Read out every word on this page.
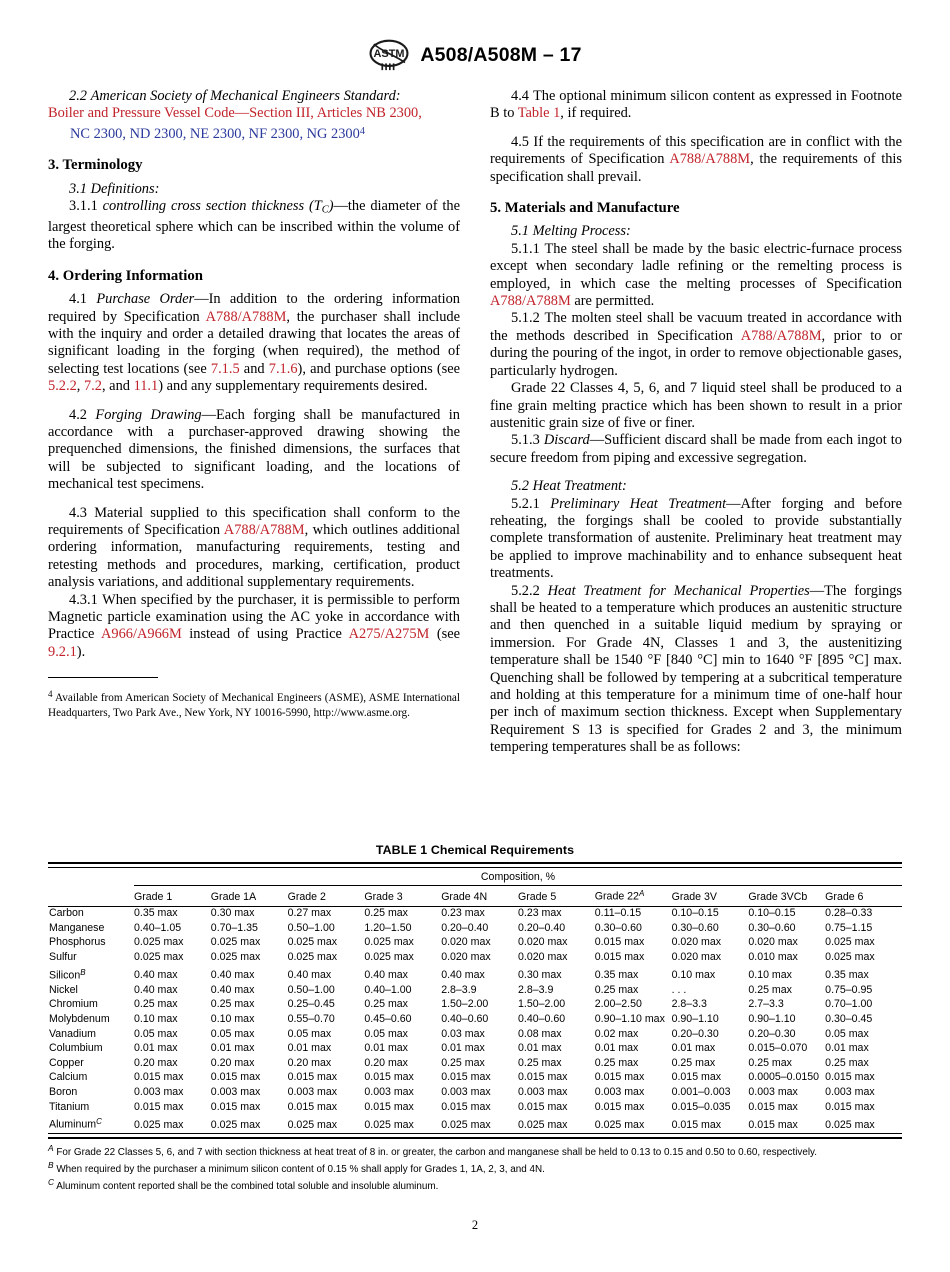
ASTM A508/A508M – 17
2.2 American Society of Mechanical Engineers Standard:
Boiler and Pressure Vessel Code—Section III, Articles NB 2300,
NC 2300, ND 2300, NE 2300, NF 2300, NG 2300$^4$

3. Terminology

3.1 Definitions:

3.1.1 controlling cross section thickness $(T_C)—the$ diameter of the largest theoretical sphere which can be inscribed within the volume of the forging.

4. Ordering Information

4.1 Purchase Order—In addition to the ordering information required by Specification A788/A788M, the purchaser shall include with the inquiry and order a detailed drawing that locates the areas of significant loading in the forging (when required), the method of selecting test locations (see 7.1.5 and 7.1.6), and purchase options (see 5.2.2, 7.2, and 11.1) and any supplementary requirements desired.

4.2 Forging Drawing—Each forging shall be manufactured in accordance with a purchaser-approved drawing showing the prequenched dimensions, the finished dimensions, the surfaces that will be subjected to significant loading, and the locations of mechanical test specimens.

4.3 Material supplied to this specification shall conform to the requirements of Specification A788/A788M, which outlines additional ordering information, manufacturing requirements, testing and retesting methods and procedures, marking, certification, product analysis variations, and additional supplementary requirements.

4.3.1 When specified by the purchaser, it is permissible to perform Magnetic particle examination using the AC yoke in accordance with Practice A966/A966M instead of using Practice A275/A275M (see 9.2.1).

$^4$ Available from American Society of Mechanical Engineers (ASME), ASME International Headquarters, Two Park Ave., New York, NY 10016-5990, http://www.asme.org.

4.4 The optional minimum silicon content as expressed in Footnote B to Table 1, if required.

4.5 If the requirements of this specification are in conflict with the requirements of Specification A788/A788M, the requirements of this specification shall prevail.

5. Materials and Manufacture

5.1 Melting Process:

5.1.1 The steel shall be made by the basic electric-furnace process except when secondary ladle refining or the remelting process is employed, in which case the melting processes of Specification A788/A788M are permitted.

5.1.2 The molten steel shall be vacuum treated in accordance with the methods described in Specification A788/A788M, prior to or during the pouring of the ingot, in order to remove objectionable gases, particularly hydrogen.

Grade 22 Classes 4, 5, 6, and 7 liquid steel shall be produced to a fine grain melting practice which has been shown to result in a prior austenitic grain size of five or finer.

5.1.3 Discard—Sufficient discard shall be made from each ingot to secure freedom from piping and excessive segregation.

5.2 Heat Treatment:

5.2.1 Preliminary Heat Treatment—After forging and before reheating, the forgings shall be cooled to provide substantially complete transformation of austenite. Preliminary heat treatment may be applied to improve machinability and to enhance subsequent heat treatments.

5.2.2 Heat Treatment for Mechanical Properties—The forgings shall be heated to a temperature which produces an austenitic structure and then quenched in a suitable liquid medium by spraying or immersion. For Grade 4N, Classes 1 and 3, the austenitizing temperature shall be 1540 °F [840 °C] min to 1640 °F [895 °C] max. Quenching shall be followed by tempering at a subcritical temperature and holding at this temperature for a minimum time of one-half hour per inch of maximum section thickness. Except when Supplementary Requirement S 13 is specified for Grades 2 and 3, the minimum tempering temperatures shall be as follows:

TABLE 1 Chemical Requirements

	Composition, %									

	Grade 1	Grade 1A	Grade 2	Grade 3	Grade 4N	Grade 5	Grade $22^A$	Grade 3V	Grade 3VCb	Grade 6

Carbon	0.35 max	0.30 max	0.27 max	0.25 max	0.23 max	0.23 max	0.11–0.15	0.10–0.15	0.10–0.15	0.28–0.33
Manganese	0.40–1.05	0.70–1.35	0.50–1.00	1.20–1.50	0.20–0.40	0.20–0.40	0.30–0.60	0.30–0.60	0.30–0.60	0.75–1.15
Phosphorus	0.025 max	0.025 max	0.025 max	0.025 max	0.020 max	0.020 max	0.015 max	0.020 max	0.020 max	0.025 max
Sulfur	0.025 max	0.025 max	0.025 max	0.025 max	0.020 max	0.020 max	0.015 max	0.020 max	0.010 max	0.025 max
Silicon$^B$	0.40 max	0.40 max	0.40 max	0.40 max	0.40 max	0.30 max	0.35 max	0.10 max	0.10 max	0.35 max
Nickel	0.40 max	0.40 max	0.50–1.00	0.40–1.00	2.8–3.9	2.8–3.9	0.25 max	. . .	0.25 max	0.75–0.95
Chromium	0.25 max	0.25 max	0.25–0.45	0.25 max	1.50–2.00	1.50–2.00	2.00–2.50	2.8–3.3	2.7–3.3	0.70–1.00
Molybdenum	0.10 max	0.10 max	0.55–0.70	0.45–0.60	0.40–0.60	0.40–0.60	0.90–1.10 max	0.90–1.10	0.90–1.10	0.30–0.45
Vanadium	0.05 max	0.05 max	0.05 max	0.05 max	0.03 max	0.08 max	0.02 max	0.20–0.30	0.20–0.30	0.05 max
Columbium	0.01 max	0.01 max	0.01 max	0.01 max	0.01 max	0.01 max	0.01 max	0.01 max	0.015–0.070	0.01 max
Copper	0.20 max	0.20 max	0.20 max	0.20 max	0.25 max	0.25 max	0.25 max	0.25 max	0.25 max	0.25 max
Calcium	0.015 max	0.015 max	0.015 max	0.015 max	0.015 max	0.015 max	0.015 max	0.015 max	0.0005–0.0150	0.015 max
Boron	0.003 max	0.003 max	0.003 max	0.003 max	0.003 max	0.003 max	0.003 max	0.001–0.003	0.003 max	0.003 max
Titanium	0.015 max	0.015 max	0.015 max	0.015 max	0.015 max	0.015 max	0.015 max	0.015–0.035	0.015 max	0.015 max
Aluminum$^C$	0.025 max	0.025 max	0.025 max	0.025 max	0.025 max	0.025 max	0.025 max	0.015 max	0.015 max	0.025 max

$^A$ For Grade 22 Classes 5, 6, and 7 with section thickness at heat treat of 8 in. or greater, the carbon and manganese shall be held to 0.13 to 0.15 and 0.50 to 0.60, respectively.
$^B$ When required by the purchaser a minimum silicon content of 0.15 % shall apply for Grades 1, 1A, 2, 3, and 4N.
$^C$ Aluminum content reported shall be the combined total soluble and insoluble aluminum.
2
